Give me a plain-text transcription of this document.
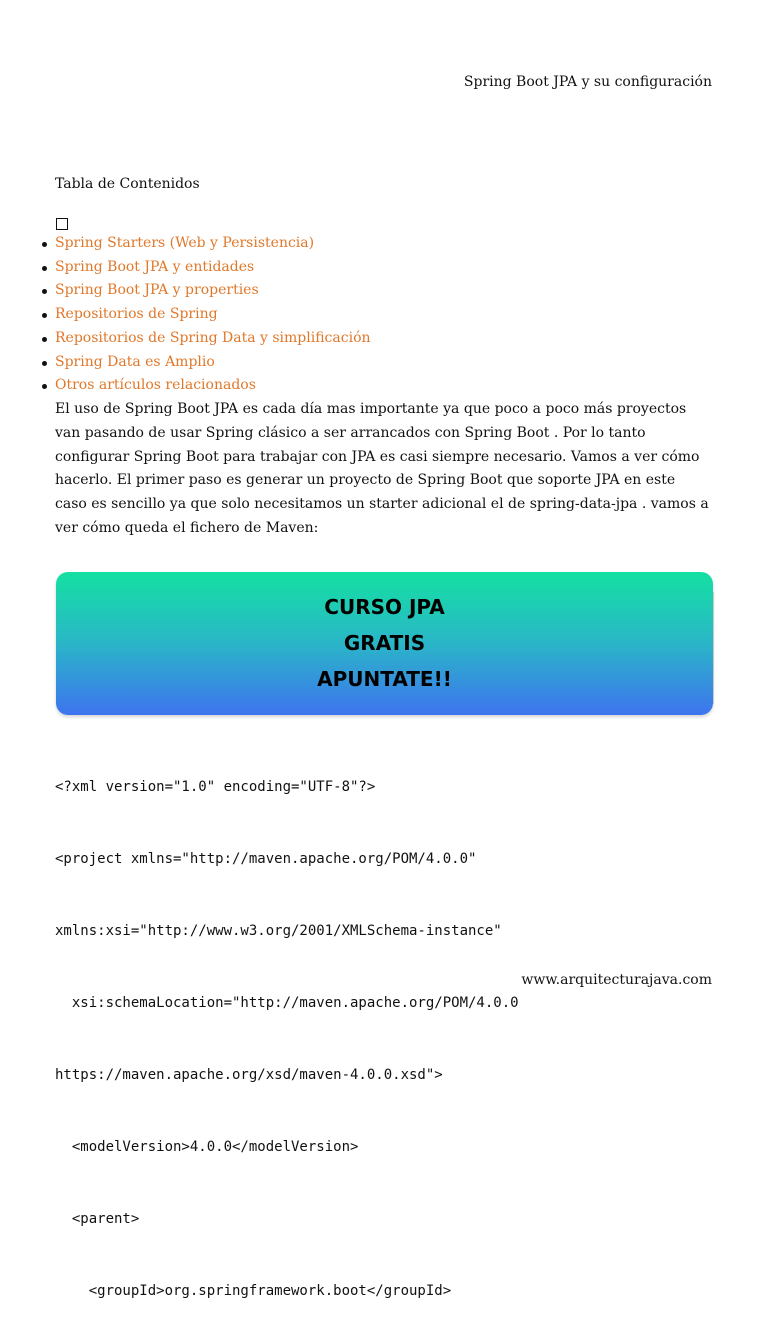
Spring Boot JPA y su configuración
Tabla de Contenidos
Spring Starters (Web y Persistencia)
Spring Boot JPA y entidades
Spring Boot JPA y properties
Repositorios de Spring
Repositorios de Spring Data y simplificación
Spring Data es Amplio
Otros artículos relacionados

El uso de Spring Boot JPA es cada día mas importante ya que poco a poco más proyectos
van pasando de usar Spring clásico a ser arrancados con Spring Boot . Por lo tanto
configurar Spring Boot para trabajar con JPA es casi siempre necesario. Vamos a ver cómo
hacerlo. El primer paso es generar un proyecto de Spring Boot que soporte JPA en este
caso es sencillo ya que solo necesitamos un starter adicional el de spring-data-jpa . vamos a
ver cómo queda el fichero de Maven:

CURSO JPA
GRATIS
APUNTATE!!

<?xml version="1.0" encoding="UTF-8"?>

<project xmlns="http://maven.apache.org/POM/4.0.0"

xmlns:xsi="http://www.w3.org/2001/XMLSchema-instance"

xsi:schemaLocation="http://maven.apache.org/POM/4.0.0

https://maven.apache.org/xsd/maven-4.0.0.xsd">

<modelVersion>4.0.0</modelVersion>

<parent>

<groupId>org.springframework.boot</groupId>

www.arquitecturajava.com
